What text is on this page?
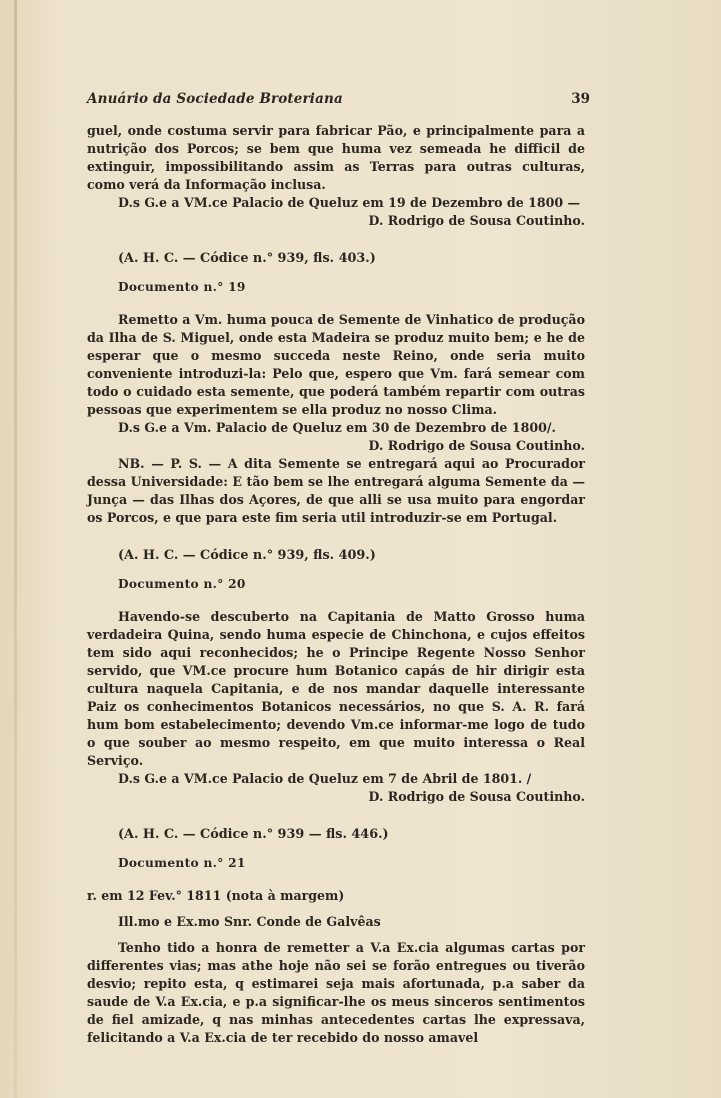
Anuário da Sociedade Broteriana	39

guel, onde costuma servir para fabricar Pão, e principalmente para a nutrição dos Porcos; se bem que huma vez semeada he difficil de extinguir, impossibilitando assim as Terras para outras culturas, como verá da Informação inclusa.

D.s G.e a VM.ce Palacio de Queluz em 19 de Dezembro de 1800 —

D. Rodrigo de Sousa Coutinho.

(A. H. C. — Códice n.° 939, fls. 403.)

Documento n.° 19

Remetto a Vm. huma pouca de Semente de Vinhatico de produção da Ilha de S. Miguel, onde esta Madeira se produz muito bem; e he de esperar que o mesmo succeda neste Reino, onde seria muito conveniente introduzi-la: Pelo que, espero que Vm. fará semear com todo o cuidado esta semente, que poderá também repartir com outras pessoas que experimentem se ella produz no nosso Clima.

D.s G.e a Vm. Palacio de Queluz em 30 de Dezembro de 1800/.

D. Rodrigo de Sousa Coutinho.

NB. — P. S. — A dita Semente se entregará aqui ao Procurador dessa Universidade: E tão bem se lhe entregará alguma Semente da — Junça — das Ilhas dos Açores, de que alli se usa muito para engordar os Porcos, e que para este fim seria util introduzir-se em Portugal.

(A. H. C. — Códice n.° 939, fls. 409.)

Documento n.° 20

Havendo-se descuberto na Capitania de Matto Grosso huma verdadeira Quina, sendo huma especie de Chinchona, e cujos effeitos tem sido aqui reconhecidos; he o Principe Regente Nosso Senhor servido, que VM.ce procure hum Botanico capás de hir dirigir esta cultura naquela Capitania, e de nos mandar daquelle interessante Paiz os conhecimentos Botanicos necessários, no que S. A. R. fará hum bom estabelecimento; devendo Vm.ce informar-me logo de tudo o que souber ao mesmo respeito, em que muito interessa o Real Serviço.

D.s G.e a VM.ce Palacio de Queluz em 7 de Abril de 1801. /

D. Rodrigo de Sousa Coutinho.

(A. H. C. — Códice n.° 939 — fls. 446.)

Documento n.° 21

r. em 12 Fev.° 1811 (nota à margem)

Ill.mo e Ex.mo Snr. Conde de Galvêas

Tenho tido a honra de remetter a V.a Ex.cia algumas cartas por differentes vias; mas athe hoje não sei se forão entregues ou tiverão desvio; repito esta, q estimarei seja mais afortunada, p.a saber da saude de V.a Ex.cia, e p.a significar-lhe os meus sinceros sentimentos de fiel amizade, q nas minhas antecedentes cartas lhe expressava, felicitando a V.a Ex.cia de ter recebido do nosso amavel
